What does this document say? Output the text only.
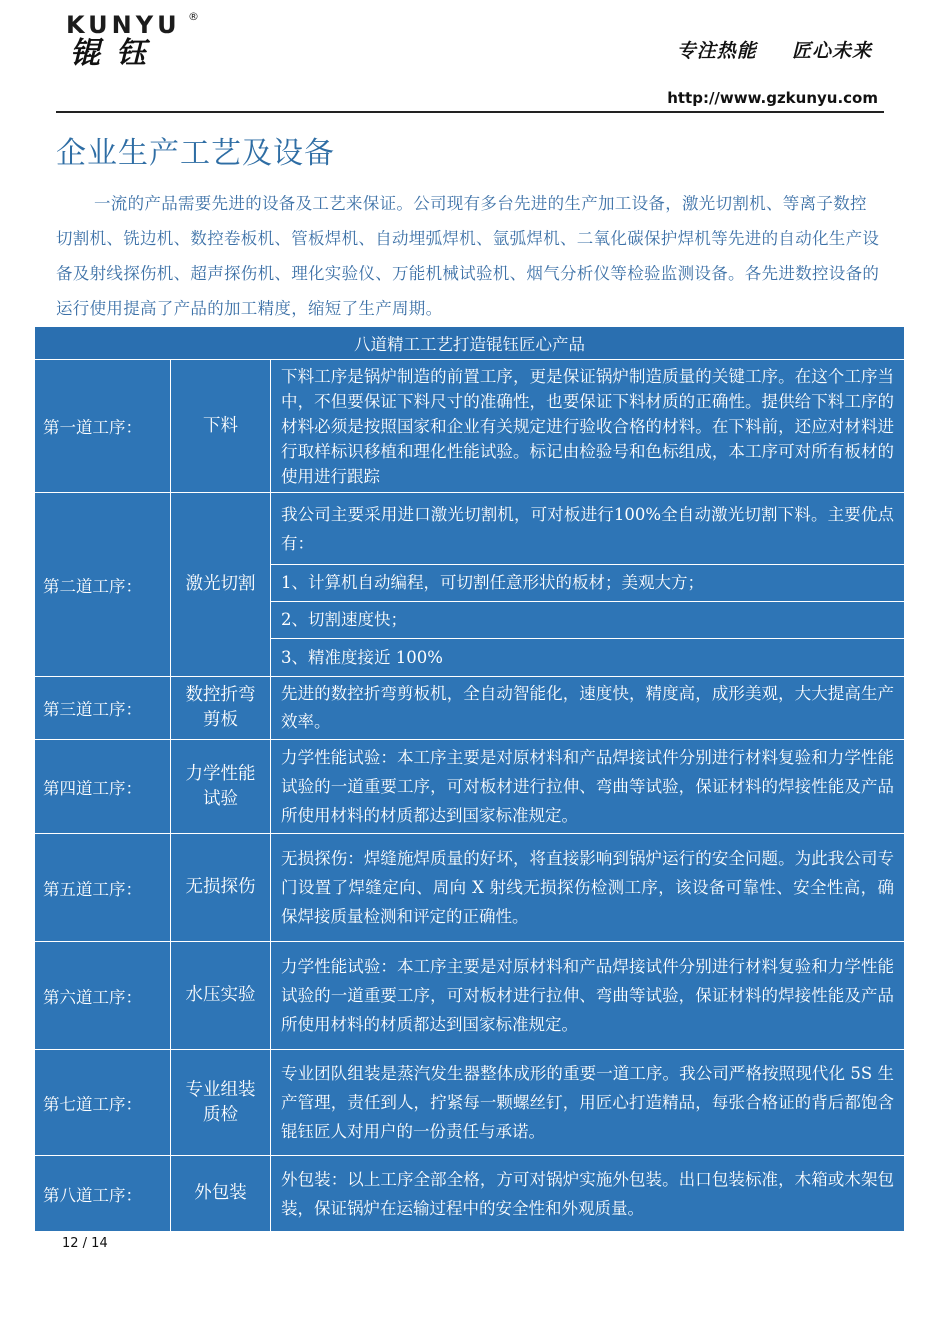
KUNYU ®
锟钰	专注热能  匠心未来
http://www.gzkunyu.com
企业生产工艺及设备

一流的产品需要先进的设备及工艺来保证。公司现有多台先进的生产加工设备，激光切割机、等离子数控切割机、铣边机、数控卷板机、管板焊机、自动埋弧焊机、氩弧焊机、二氧化碳保护焊机等先进的自动化生产设备及射线探伤机、超声探伤机、理化实验仪、万能机械试验机、烟气分析仪等检验监测设备。各先进数控设备的运行使用提高了产品的加工精度，缩短了生产周期。

八道精工工艺打造锟钰匠心产品		
第一道工序：	下料	下料工序是锅炉制造的前置工序，更是保证锅炉制造质量的关键工序。在这个工序当中，不但要保证下料尺寸的准确性，也要保证下料材质的正确性。提供给下料工序的材料必须是按照国家和企业有关规定进行验收合格的材料。在下料前，还应对材料进行取样标识移植和理化性能试验。标记由检验号和色标组成，本工序可对所有板材的使用进行跟踪
第二道工序：	激光切割	我公司主要采用进口激光切割机，可对板进行100%全自动激光切割下料。主要优点有：
		1、计算机自动编程，可切割任意形状的板材；美观大方；
		2、切割速度快；
		3、精准度接近 100%
第三道工序：	数控折弯剪板	先进的数控折弯剪板机，全自动智能化，速度快，精度高，成形美观，大大提高生产效率。
第四道工序：	力学性能试验	力学性能试验：本工序主要是对原材料和产品焊接试件分别进行材料复验和力学性能试验的一道重要工序，可对板材进行拉伸、弯曲等试验，保证材料的焊接性能及产品所使用材料的材质都达到国家标准规定。
第五道工序：	无损探伤	无损探伤：焊缝施焊质量的好坏，将直接影响到锅炉运行的安全问题。为此我公司专门设置了焊缝定向、周向 X 射线无损探伤检测工序，该设备可靠性、安全性高，确保焊接质量检测和评定的正确性。
第六道工序：	水压实验	力学性能试验：本工序主要是对原材料和产品焊接试件分别进行材料复验和力学性能试验的一道重要工序，可对板材进行拉伸、弯曲等试验，保证材料的焊接性能及产品所使用材料的材质都达到国家标准规定。
第七道工序：	专业组装质检	专业团队组装是蒸汽发生器整体成形的重要一道工序。我公司严格按照现代化 5S 生产管理，责任到人，拧紧每一颗螺丝钉，用匠心打造精品，每张合格证的背后都饱含锟钰匠人对用户的一份责任与承诺。
第八道工序：	外包装	外包装：以上工序全部全格，方可对锅炉实施外包装。出口包装标准，木箱或木架包装，保证锅炉在运输过程中的安全性和外观质量。
12 / 14
